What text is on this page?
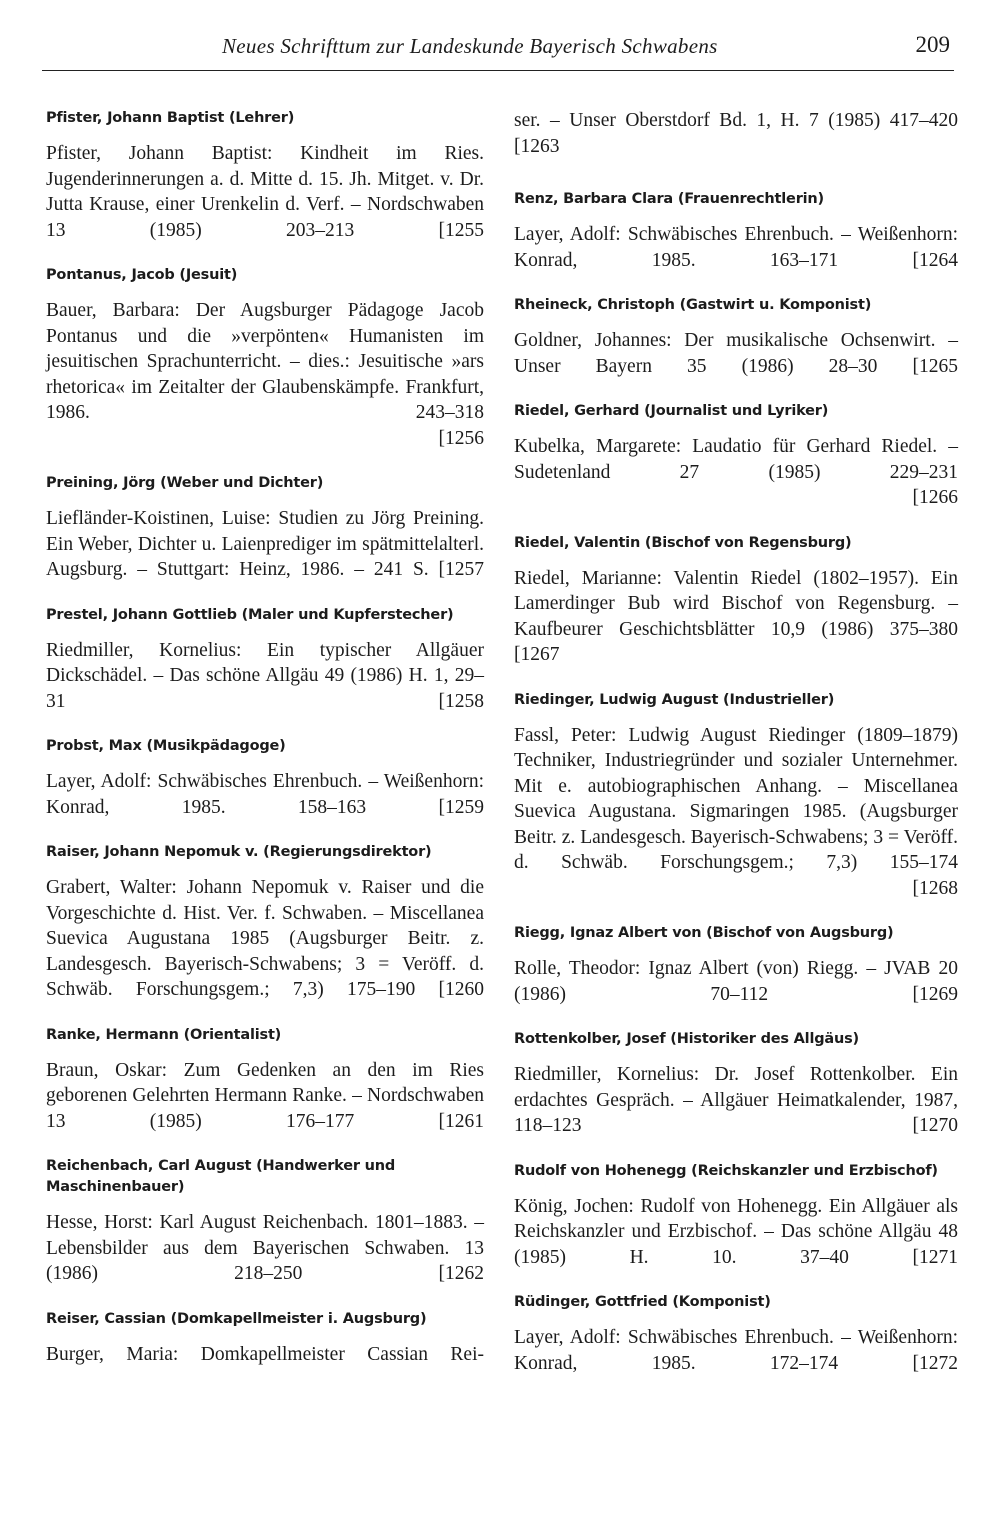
Neues Schrifttum zur Landeskunde Bayerisch Schwabens	209
Pfister, Johann Baptist (Lehrer)
Pfister, Johann Baptist: Kindheit im Ries. Jugenderinnerungen a. d. Mitte d. 15. Jh. Mitget. v. Dr. Jutta Krause, einer Urenkelin d. Verf. – Nordschwaben 13 (1985) 203–213 [1255
Pontanus, Jacob (Jesuit)
Bauer, Barbara: Der Augsburger Pädagoge Jacob Pontanus und die »verpönten« Humanisten im jesuitischen Sprachunterricht. – dies.: Jesuitische »ars rhetorica« im Zeitalter der Glaubenskämpfe. Frankfurt, 1986. 243–318
[1256
Preining, Jörg (Weber und Dichter)
Liefländer-Koistinen, Luise: Studien zu Jörg Preining. Ein Weber, Dichter u. Laienprediger im spätmittelalterl. Augsburg. – Stuttgart: Heinz, 1986. – 241 S. [1257
Prestel, Johann Gottlieb (Maler und Kupferstecher)
Riedmiller, Kornelius: Ein typischer Allgäuer Dickschädel. – Das schöne Allgäu 49 (1986) H. 1, 29–31 [1258
Probst, Max (Musikpädagoge)
Layer, Adolf: Schwäbisches Ehrenbuch. – Weißenhorn: Konrad, 1985. 158–163 [1259
Raiser, Johann Nepomuk v. (Regierungsdirektor)
Grabert, Walter: Johann Nepomuk v. Raiser und die Vorgeschichte d. Hist. Ver. f. Schwaben. – Miscellanea Suevica Augustana 1985 (Augsburger Beitr. z. Landesgesch. Bayerisch-Schwabens; 3 = Veröff. d. Schwäb. Forschungsgem.; 7,3) 175–190 [1260
Ranke, Hermann (Orientalist)
Braun, Oskar: Zum Gedenken an den im Ries geborenen Gelehrten Hermann Ranke. – Nordschwaben 13 (1985) 176–177 [1261
Reichenbach, Carl August (Handwerker und Maschinenbauer)
Hesse, Horst: Karl August Reichenbach. 1801–1883. – Lebensbilder aus dem Bayerischen Schwaben. 13 (1986) 218–250 [1262
Reiser, Cassian (Domkapellmeister i. Augsburg)
Burger, Maria: Domkapellmeister Cassian Rei-
ser. – Unser Oberstdorf Bd. 1, H. 7 (1985) 417–420 [1263
Renz, Barbara Clara (Frauenrechtlerin)
Layer, Adolf: Schwäbisches Ehrenbuch. – Weißenhorn: Konrad, 1985. 163–171 [1264
Rheineck, Christoph (Gastwirt u. Komponist)
Goldner, Johannes: Der musikalische Ochsenwirt. – Unser Bayern 35 (1986) 28–30 [1265
Riedel, Gerhard (Journalist und Lyriker)
Kubelka, Margarete: Laudatio für Gerhard Riedel. – Sudetenland 27 (1985) 229–231
[1266
Riedel, Valentin (Bischof von Regensburg)
Riedel, Marianne: Valentin Riedel (1802–1957). Ein Lamerdinger Bub wird Bischof von Regensburg. – Kaufbeurer Geschichtsblätter 10,9 (1986) 375–380 [1267
Riedinger, Ludwig August (Industrieller)
Fassl, Peter: Ludwig August Riedinger (1809–1879) Techniker, Industriegründer und sozialer Unternehmer. Mit e. autobiographischen Anhang. – Miscellanea Suevica Augustana. Sigmaringen 1985. (Augsburger Beitr. z. Landesgesch. Bayerisch-Schwabens; 3 = Veröff. d. Schwäb. Forschungsgem.; 7,3) 155–174
[1268
Riegg, Ignaz Albert von (Bischof von Augsburg)
Rolle, Theodor: Ignaz Albert (von) Riegg. – JVAB 20 (1986) 70–112 [1269
Rottenkolber, Josef (Historiker des Allgäus)
Riedmiller, Kornelius: Dr. Josef Rottenkolber. Ein erdachtes Gespräch. – Allgäuer Heimatkalender, 1987, 118–123 [1270
Rudolf von Hohenegg (Reichskanzler und Erzbischof)
König, Jochen: Rudolf von Hohenegg. Ein Allgäuer als Reichskanzler und Erzbischof. – Das schöne Allgäu 48 (1985) H. 10. 37–40 [1271
Rüdinger, Gottfried (Komponist)
Layer, Adolf: Schwäbisches Ehrenbuch. – Weißenhorn: Konrad, 1985. 172–174 [1272
